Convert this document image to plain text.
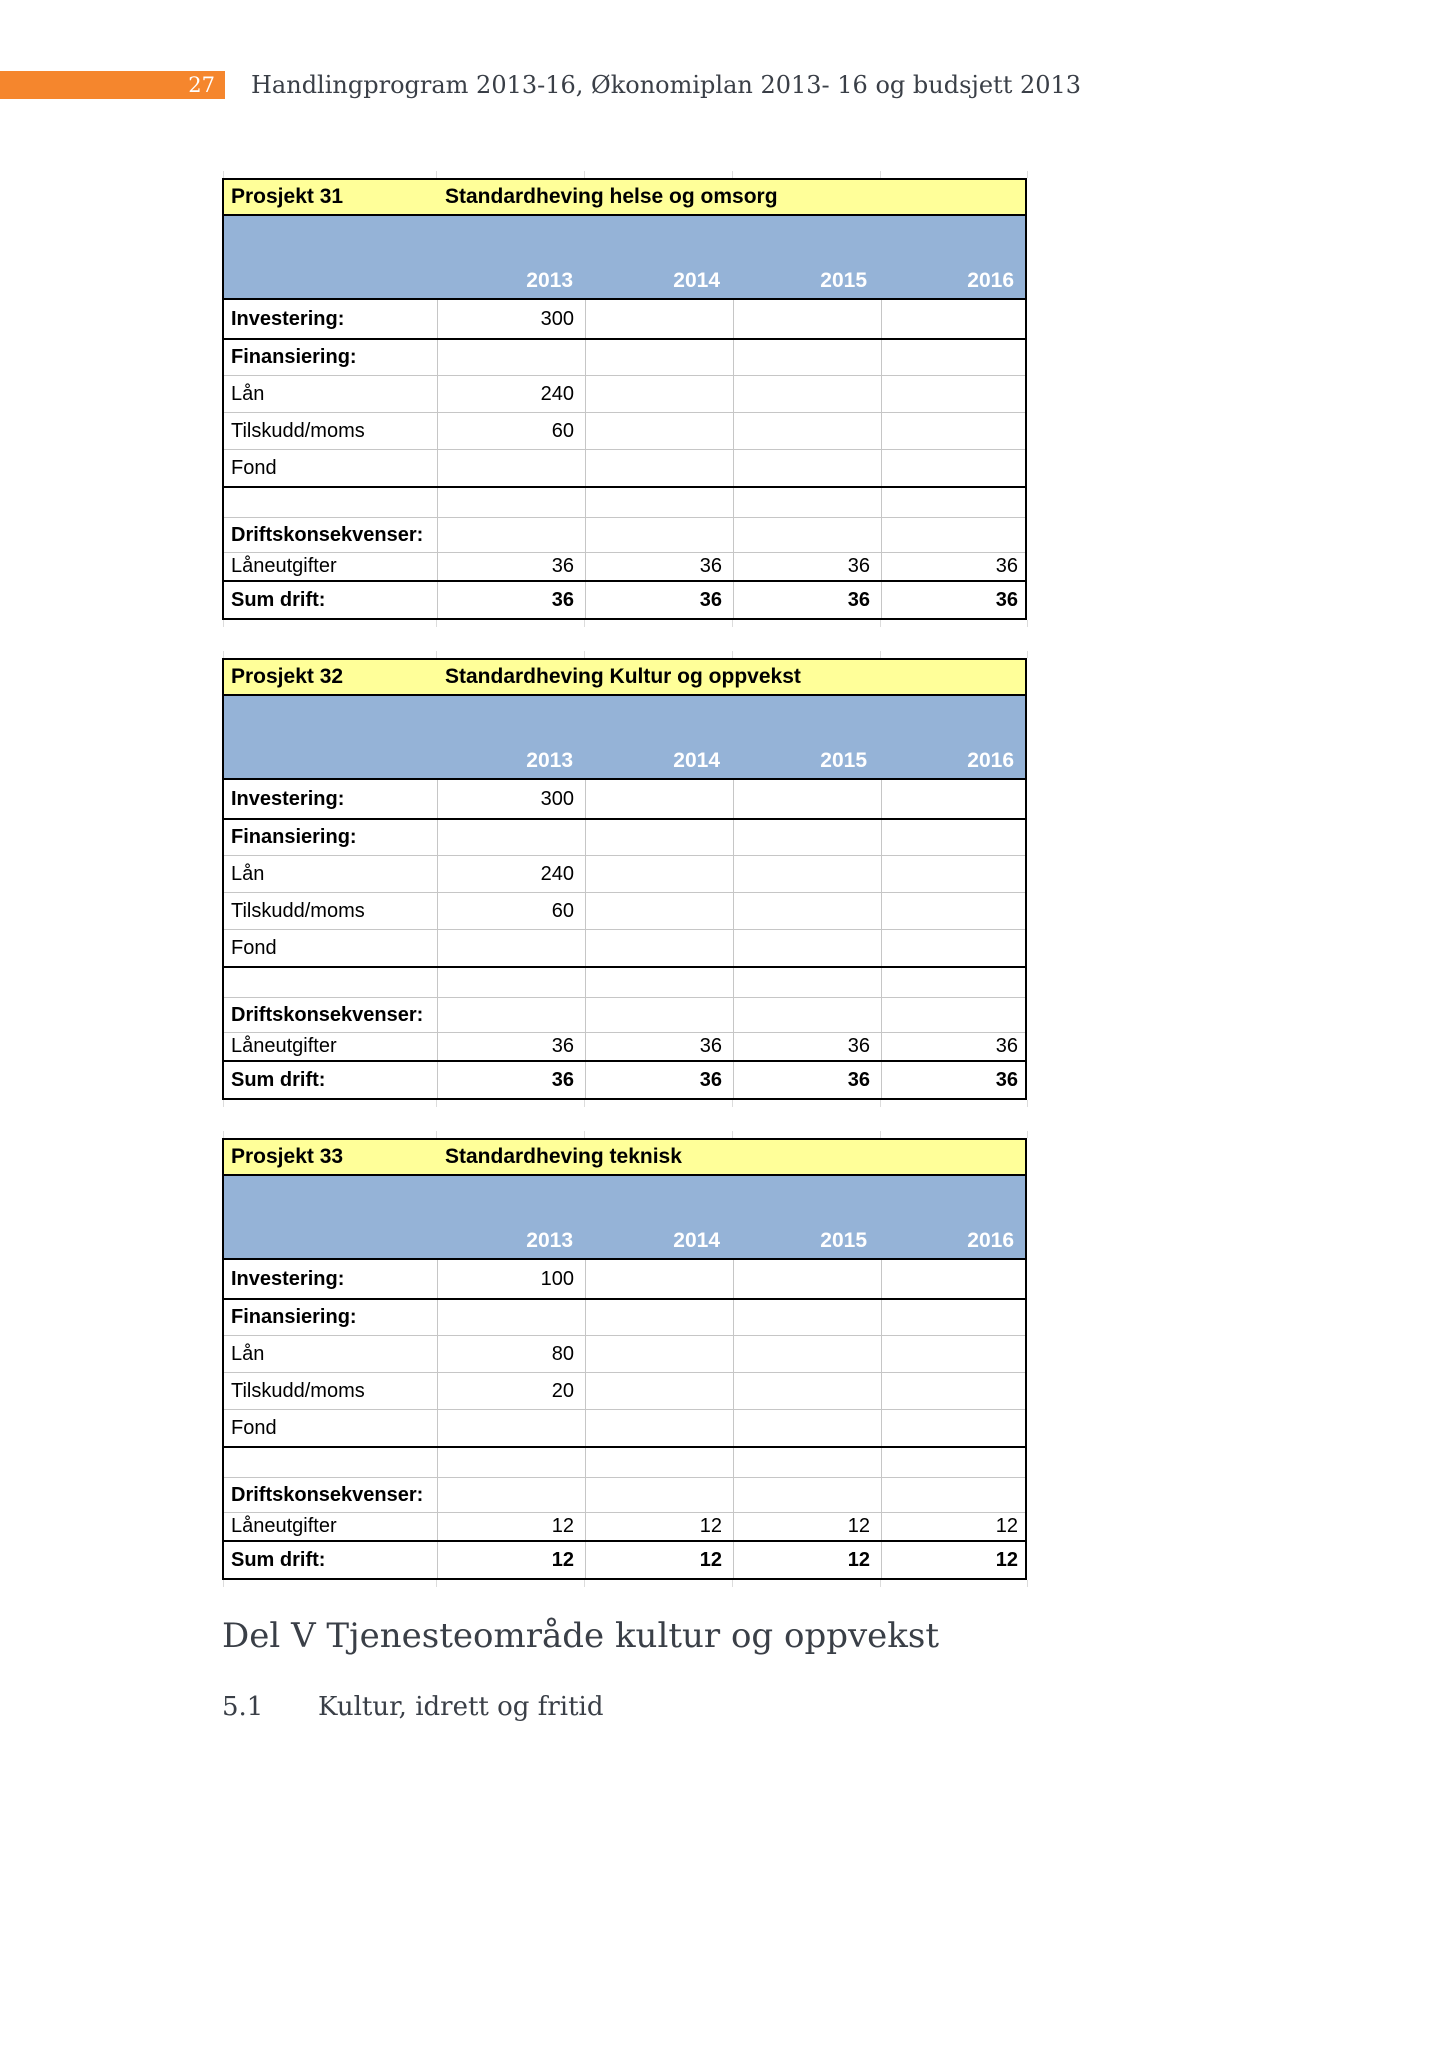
27 Handlingprogram 2013-16, Økonomiplan 2013- 16 og budsjett 2013
Prosjekt 31	Standardheving helse og omsorg
2013	2014	2015	2016
Investering:	300
Finansiering:
Lån	240
Tilskudd/moms	60
Fond
Driftskonsekvenser:
Låneutgifter	36	36	36	36
Sum drift:	36	36	36	36
Prosjekt 32	Standardheving Kultur og oppvekst
2013	2014	2015	2016
Investering:	300
Finansiering:
Lån	240
Tilskudd/moms	60
Fond
Driftskonsekvenser:
Låneutgifter	36	36	36	36
Sum drift:	36	36	36	36
Prosjekt 33	Standardheving teknisk
2013	2014	2015	2016
Investering:	100
Finansiering:
Lån	80
Tilskudd/moms	20
Fond
Driftskonsekvenser:
Låneutgifter	12	12	12	12
Sum drift:	12	12	12	12
Del V Tjenesteområde kultur og oppvekst
5.1 Kultur, idrett og fritid
